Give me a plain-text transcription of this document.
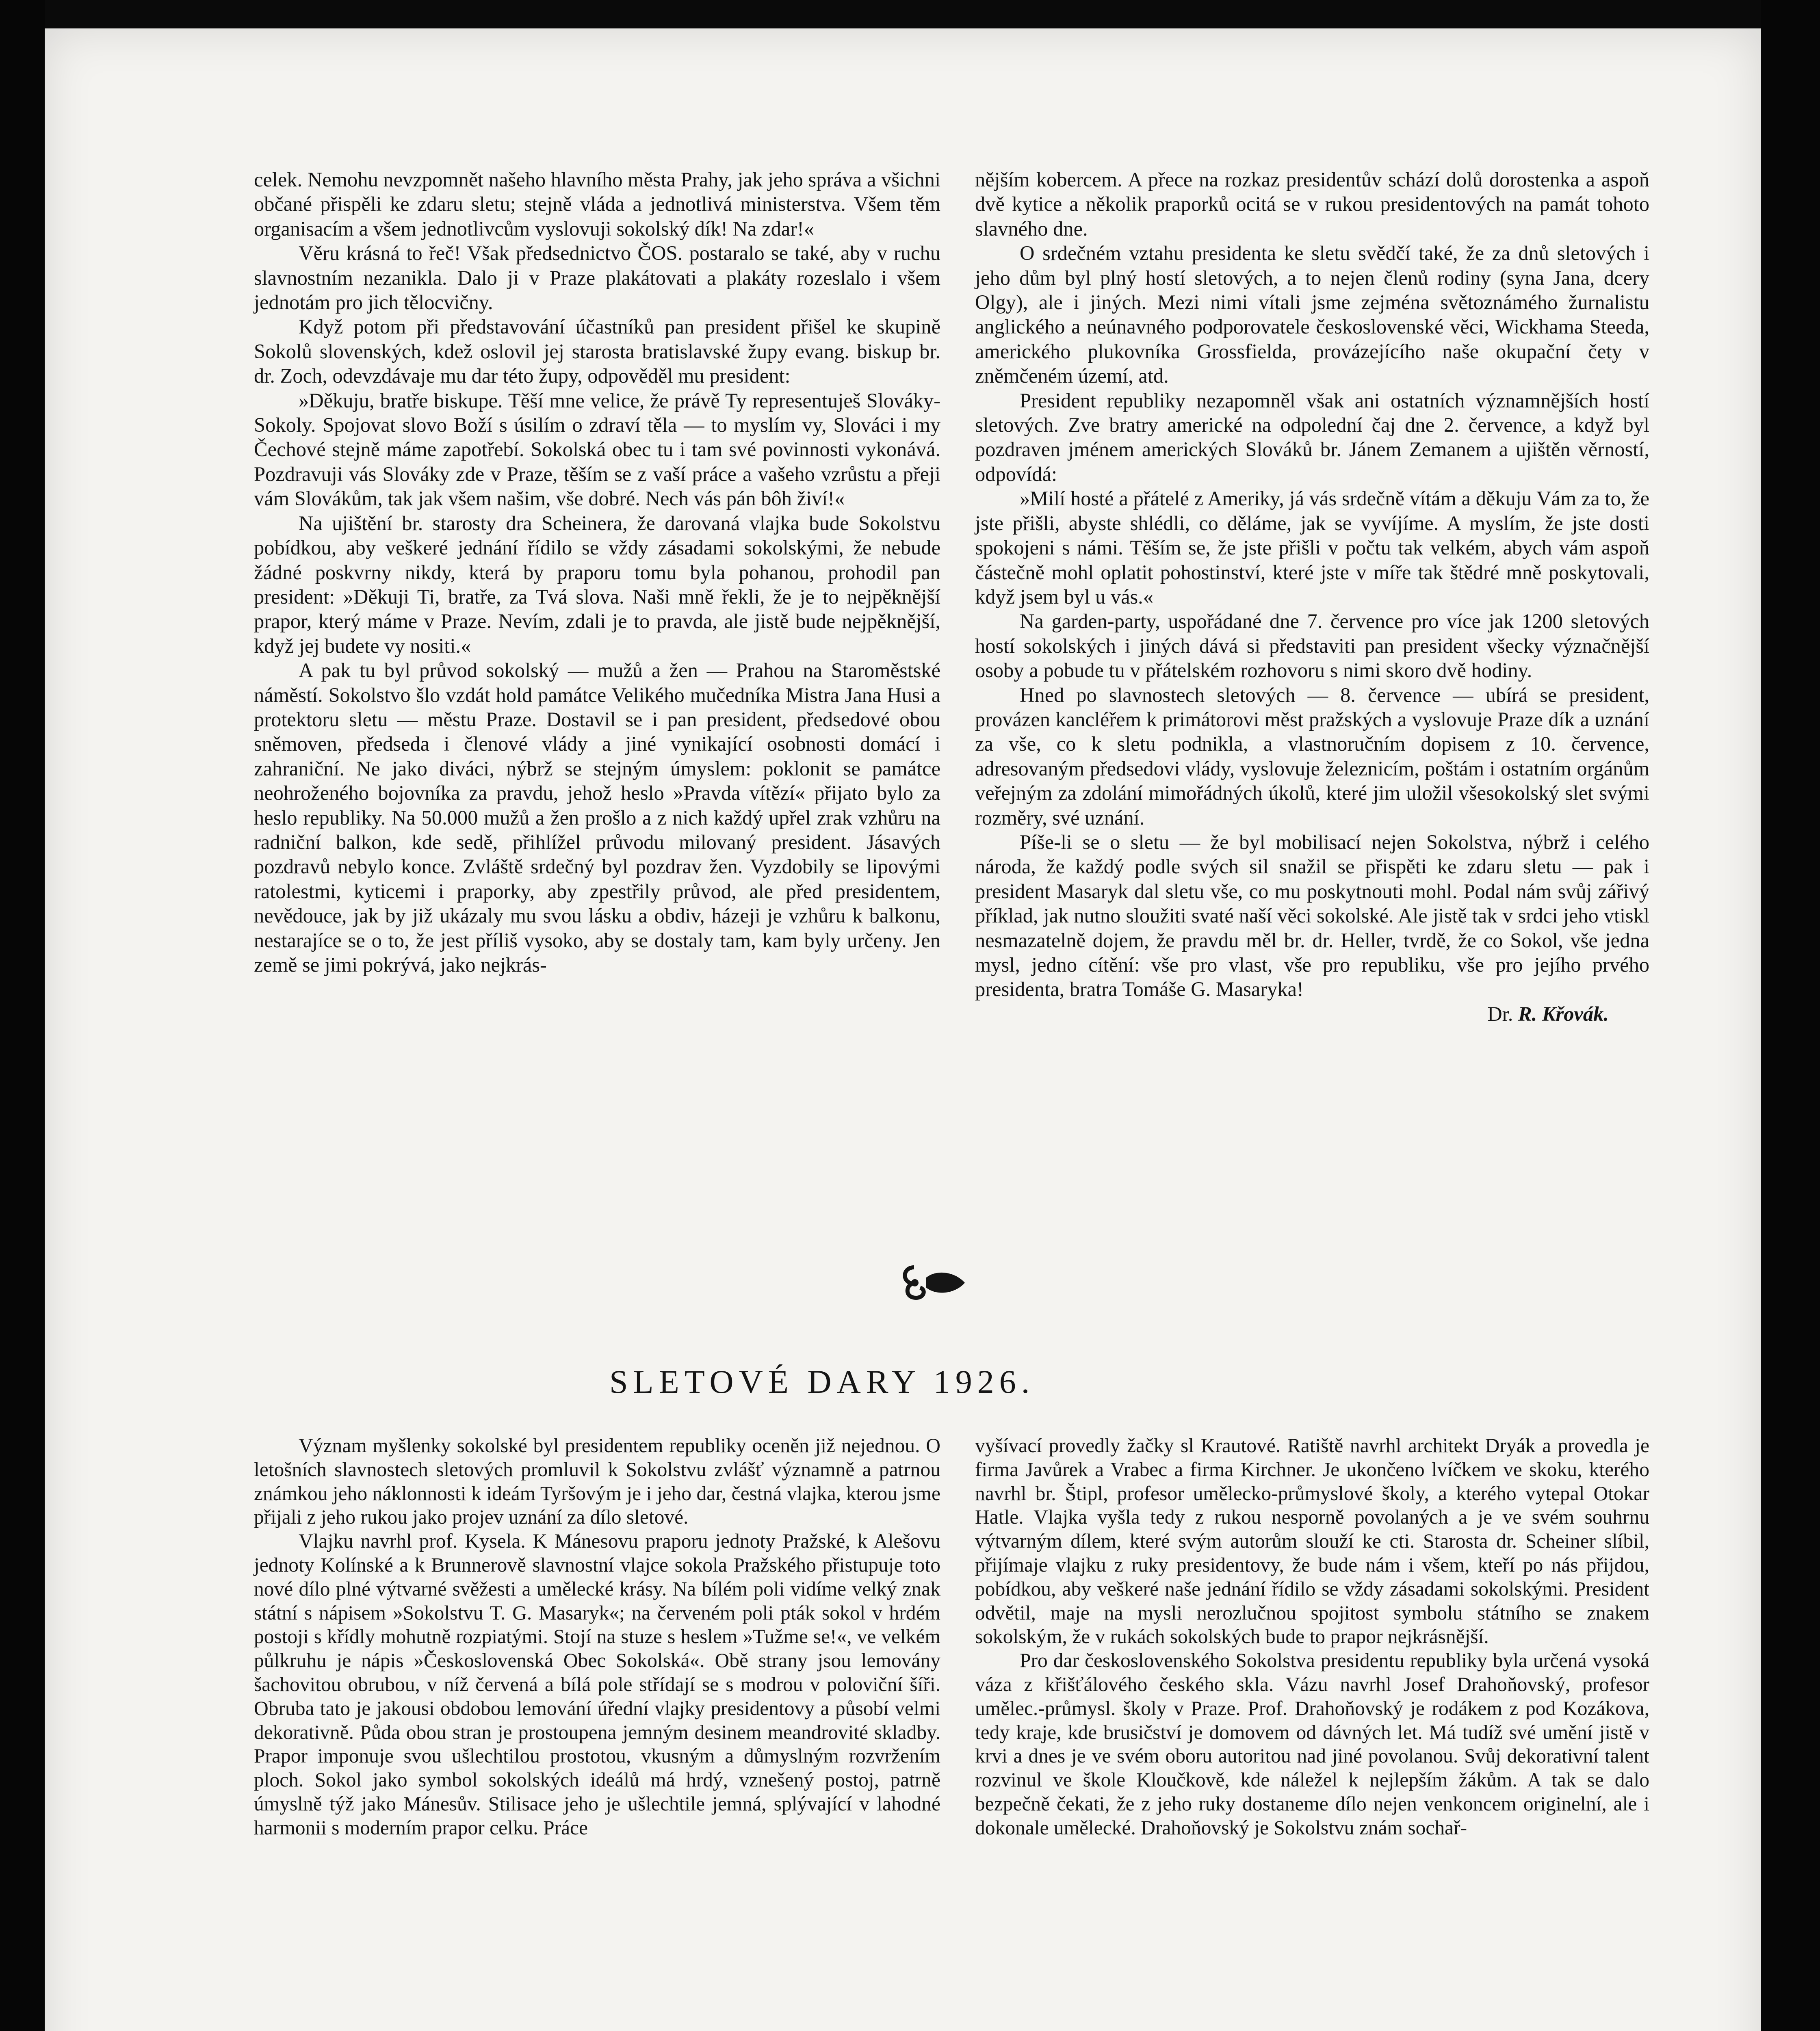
celek. Nemohu nevzpomnět našeho hlavního města Prahy, jak jeho správa a všichni občané přispěli ke zdaru sletu; stejně vláda a jednotlivá ministerstva. Všem těm organisacím a všem jednotlivcům vyslovuji sokolský dík! Na zdar!«

Věru krásná to řeč! Však předsednictvo ČOS. postaralo se také, aby v ruchu slavnostním nezanikla. Dalo ji v Praze plakátovati a plakáty rozeslalo i všem jednotám pro jich tělocvičny.

Když potom při představování účastníků pan president přišel ke skupině Sokolů slovenských, kdež oslovil jej starosta bratislavské župy evang. biskup br. dr. Zoch, odevzdávaje mu dar této župy, odpověděl mu president:

»Děkuju, bratře biskupe. Těší mne velice, že právě Ty representuješ Slováky-Sokoly. Spojovat slovo Boží s úsilím o zdraví těla — to myslím vy, Slováci i my Čechové stejně máme zapotřebí. Sokolská obec tu i tam své povinnosti vykonává. Pozdravuji vás Slováky zde v Praze, těším se z vaší práce a vašeho vzrůstu a přeji vám Slovákům, tak jak všem našim, vše dobré. Nech vás pán bôh živí!«

Na ujištění br. starosty dra Scheinera, že darovaná vlajka bude Sokolstvu pobídkou, aby veškeré jednání řídilo se vždy zásadami sokolskými, že nebude žádné poskvrny nikdy, která by praporu tomu byla pohanou, prohodil pan president: »Děkuji Ti, bratře, za Tvá slova. Naši mně řekli, že je to nejpěknější prapor, který máme v Praze. Nevím, zdali je to pravda, ale jistě bude nejpěknější, když jej budete vy nositi.«

A pak tu byl průvod sokolský — mužů a žen — Prahou na Staroměstské náměstí. Sokolstvo šlo vzdát hold památce Velikého mučedníka Mistra Jana Husi a protektoru sletu — městu Praze. Dostavil se i pan president, předsedové obou sněmoven, předseda i členové vlády a jiné vynikající osobnosti domácí i zahraniční. Ne jako diváci, nýbrž se stejným úmyslem: poklonit se památce neohroženého bojovníka za pravdu, jehož heslo »Pravda vítězí« přijato bylo za heslo republiky. Na 50.000 mužů a žen prošlo a z nich každý upřel zrak vzhůru na radniční balkon, kde sedě, přihlížel průvodu milovaný president. Jásavých pozdravů nebylo konce. Zvláště srdečný byl pozdrav žen. Vyzdobily se lipovými ratolestmi, kyticemi i praporky, aby zpestřily průvod, ale před presidentem, nevědouce, jak by již ukázaly mu svou lásku a obdiv, házeji je vzhůru k balkonu, nestarajíce se o to, že jest příliš vysoko, aby se dostaly tam, kam byly určeny. Jen země se jimi pokrývá, jako nejkrás-

nějším kobercem. A přece na rozkaz presidentův schází dolů dorostenka a aspoň dvě kytice a několik praporků ocitá se v rukou presidentových na památ tohoto slavného dne.

O srdečném vztahu presidenta ke sletu svědčí také, že za dnů sletových i jeho dům byl plný hostí sletových, a to nejen členů rodiny (syna Jana, dcery Olgy), ale i jiných. Mezi nimi vítali jsme zejména světoznámého žurnalistu anglického a neúnavného podporovatele československé věci, Wickhama Steeda, amerického plukovníka Grossfielda, provázejícího naše okupační čety v zněmčeném území, atd.

President republiky nezapomněl však ani ostatních významnějších hostí sletových. Zve bratry americké na odpolední čaj dne 2. července, a když byl pozdraven jménem amerických Slováků br. Jánem Zemanem a ujištěn věrností, odpovídá:

»Milí hosté a přátelé z Ameriky, já vás srdečně vítám a děkuju Vám za to, že jste přišli, abyste shlédli, co děláme, jak se vyvíjíme. A myslím, že jste dosti spokojeni s námi. Těším se, že jste přišli v počtu tak velkém, abych vám aspoň částečně mohl oplatit pohostinství, které jste v míře tak štědré mně poskytovali, když jsem byl u vás.«

Na garden-party, uspořádané dne 7. července pro více jak 1200 sletových hostí sokolských i jiných dává si představiti pan president všecky význačnější osoby a pobude tu v přátelském rozhovoru s nimi skoro dvě hodiny.

Hned po slavnostech sletových — 8. července — ubírá se president, provázen kancléřem k primátorovi měst pražských a vyslovuje Praze dík a uznání za vše, co k sletu podnikla, a vlastnoručním dopisem z 10. července, adresovaným předsedovi vlády, vyslovuje železnicím, poštám i ostatním orgánům veřejným za zdolání mimořádných úkolů, které jim uložil všesokolský slet svými rozměry, své uznání.

Píše-li se o sletu — že byl mobilisací nejen Sokolstva, nýbrž i celého národa, že každý podle svých sil snažil se přispěti ke zdaru sletu — pak i president Masaryk dal sletu vše, co mu poskytnouti mohl. Podal nám svůj zářivý příklad, jak nutno sloužiti svaté naší věci sokolské. Ale jistě tak v srdci jeho vtiskl nesmazatelně dojem, že pravdu měl br. dr. Heller, tvrdě, že co Sokol, vše jedna mysl, jedno cítění: vše pro vlast, vše pro republiku, vše pro jejího prvého presidenta, bratra Tomáše G. Masaryka!

Dr. R. Křovák.
SLETOVÉ DARY 1926.

Význam myšlenky sokolské byl presidentem republiky oceněn již nejednou. O letošních slavnostech sletových promluvil k Sokolstvu zvlášť významně a patrnou známkou jeho náklonnosti k ideám Tyršovým je i jeho dar, čestná vlajka, kterou jsme přijali z jeho rukou jako projev uznání za dílo sletové.

Vlajku navrhl prof. Kysela. K Mánesovu praporu jednoty Pražské, k Alešovu jednoty Kolínské a k Brunnerově slavnostní vlajce sokola Pražského přistupuje toto nové dílo plné výtvarné svěžesti a umělecké krásy. Na bílém poli vidíme velký znak státní s nápisem »Sokolstvu T. G. Masaryk«; na červeném poli pták sokol v hrdém postoji s křídly mohutně rozpiatými. Stojí na stuze s heslem »Tužme se!«, ve velkém půlkruhu je nápis »Československá Obec Sokolská«. Obě strany jsou lemovány šachovitou obrubou, v níž červená a bílá pole střídají se s modrou v poloviční šíři. Obruba tato je jakousi obdobou lemování úřední vlajky presidentovy a působí velmi dekorativně. Půda obou stran je prostoupena jemným desinem meandrovité skladby. Prapor imponuje svou ušlechtilou prostotou, vkusným a důmyslným rozvržením ploch. Sokol jako symbol sokolských ideálů má hrdý, vznešený postoj, patrně úmyslně týž jako Mánesův. Stilisace jeho je ušlechtile jemná, splývající v lahodné harmonii s moderním prapor celku. Práce

vyšívací provedly žačky sl Krautové. Ratiště navrhl architekt Dryák a provedla je firma Javůrek a Vrabec a firma Kirchner. Je ukončeno lvíčkem ve skoku, kterého navrhl br. Štipl, profesor umělecko-průmyslové školy, a kterého vytepal Otokar Hatle. Vlajka vyšla tedy z rukou nesporně povolaných a je ve svém souhrnu výtvarným dílem, které svým autorům slouží ke cti. Starosta dr. Scheiner slíbil, přijímaje vlajku z ruky presidentovy, že bude nám i všem, kteří po nás přijdou, pobídkou, aby veškeré naše jednání řídilo se vždy zásadami sokolskými. President odvětil, maje na mysli nerozlučnou spojitost symbolu státního se znakem sokolským, že v rukách sokolských bude to prapor nejkrásnější.

Pro dar československého Sokolstva presidentu republiky byla určená vysoká váza z křišťálového českého skla. Vázu navrhl Josef Drahoňovský, profesor umělec.-průmysl. školy v Praze. Prof. Drahoňovský je rodákem z pod Kozákova, tedy kraje, kde brusičství je domovem od dávných let. Má tudíž své umění jistě v krvi a dnes je ve svém oboru autoritou nad jiné povolanou. Svůj dekorativní talent rozvinul ve škole Kloučkově, kde náležel k nejlepším žákům. A tak se dalo bezpečně čekati, že z jeho ruky dostaneme dílo nejen venkoncem originelní, ale i dokonale umělecké. Drahoňovský je Sokolstvu znám sochař-
